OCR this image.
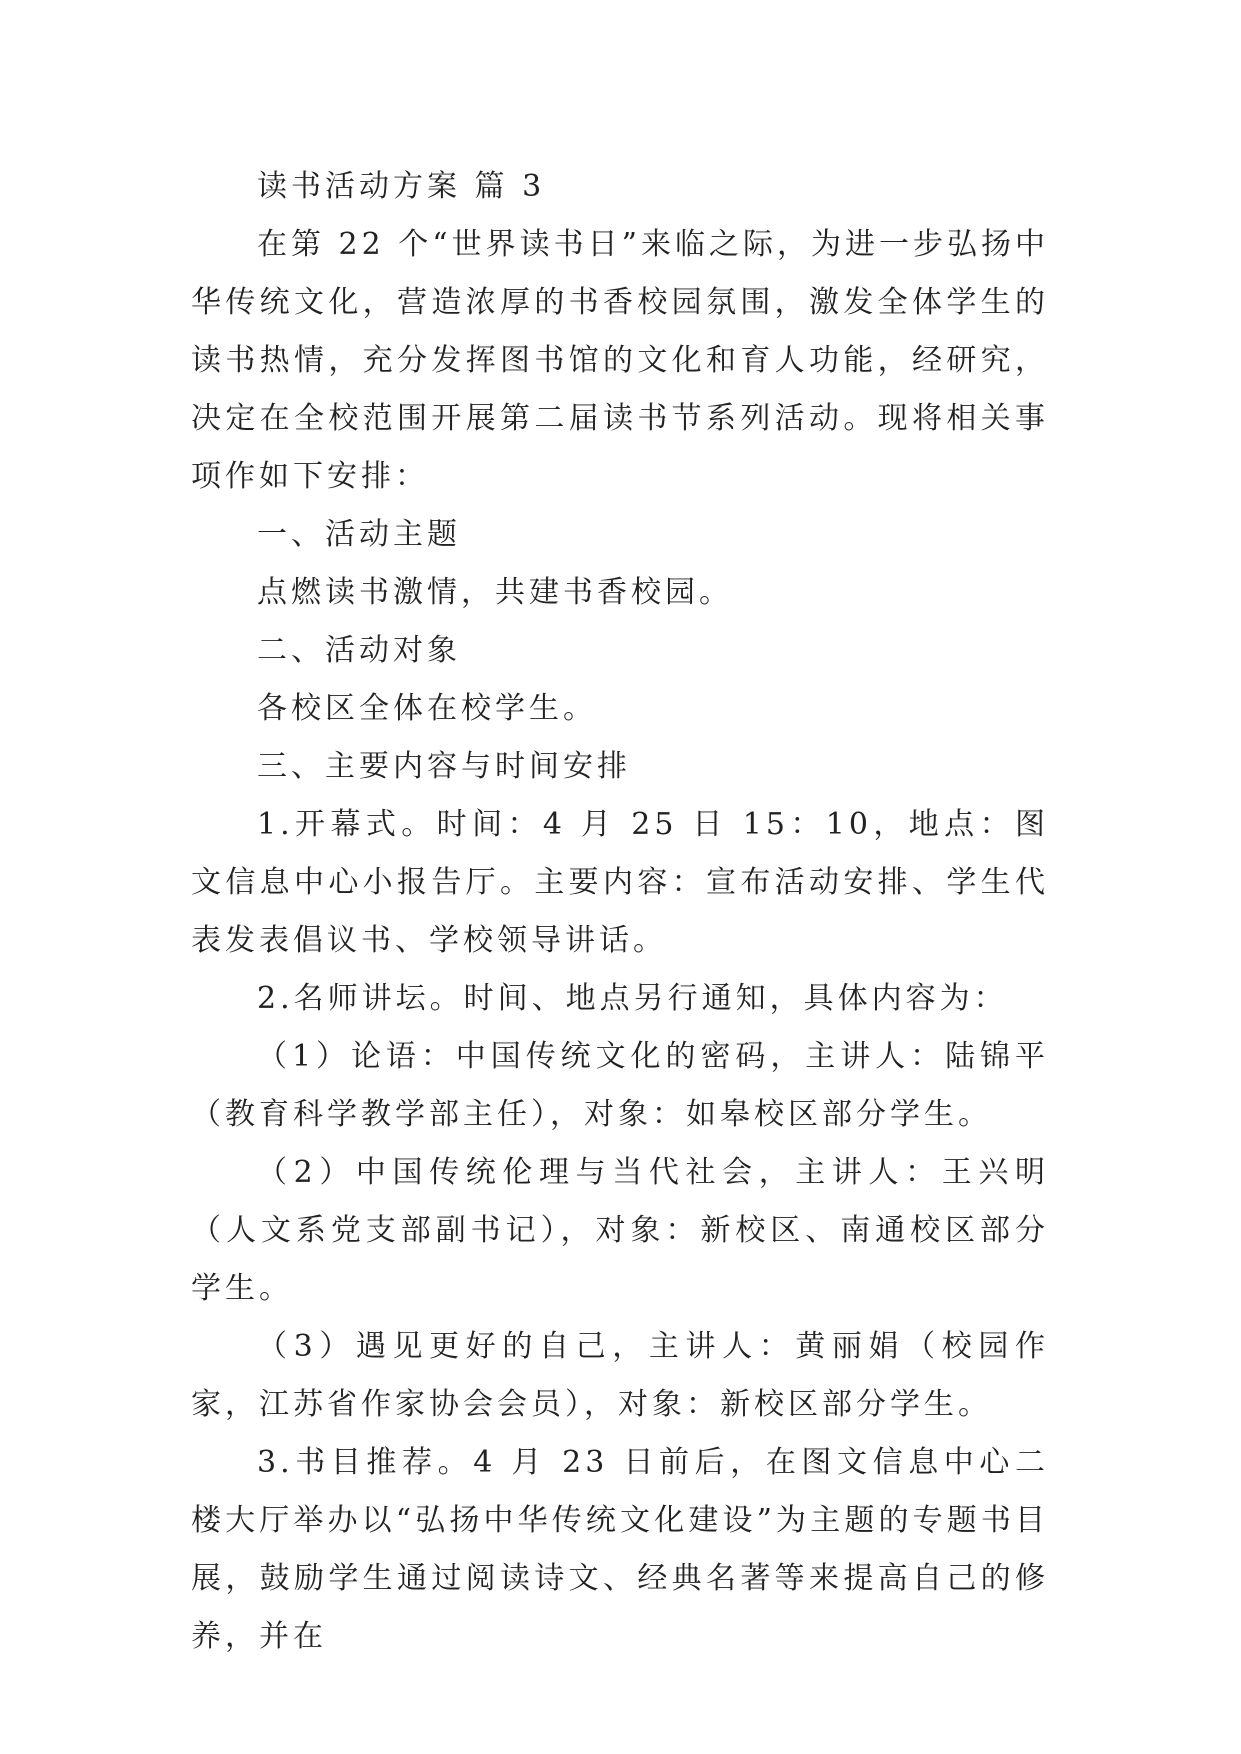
读书活动方案 篇 3

在第 22 个“世界读书日”来临之际，为进一步弘扬中华传统文化，营造浓厚的书香校园氛围，激发全体学生的读书热情，充分发挥图书馆的文化和育人功能，经研究，决定在全校范围开展第二届读书节系列活动。现将相关事项作如下安排：

一、活动主题

点燃读书激情，共建书香校园。

二、活动对象

各校区全体在校学生。

三、主要内容与时间安排

1.开幕式。时间：4 月 25 日 15：10，地点：图文信息中心小报告厅。主要内容：宣布活动安排、学生代表发表倡议书、学校领导讲话。

2.名师讲坛。时间、地点另行通知，具体内容为：

（1）论语：中国传统文化的密码，主讲人：陆锦平（教育科学教学部主任），对象：如皋校区部分学生。

（2）中国传统伦理与当代社会，主讲人：王兴明（人文系党支部副书记），对象：新校区、南通校区部分学生。

（3）遇见更好的自己，主讲人：黄丽娟（校园作家，江苏省作家协会会员），对象：新校区部分学生。

3.书目推荐。4 月 23 日前后，在图文信息中心二楼大厅举办以“弘扬中华传统文化建设”为主题的专题书目展，鼓励学生通过阅读诗文、经典名著等来提高自己的修养，并在
